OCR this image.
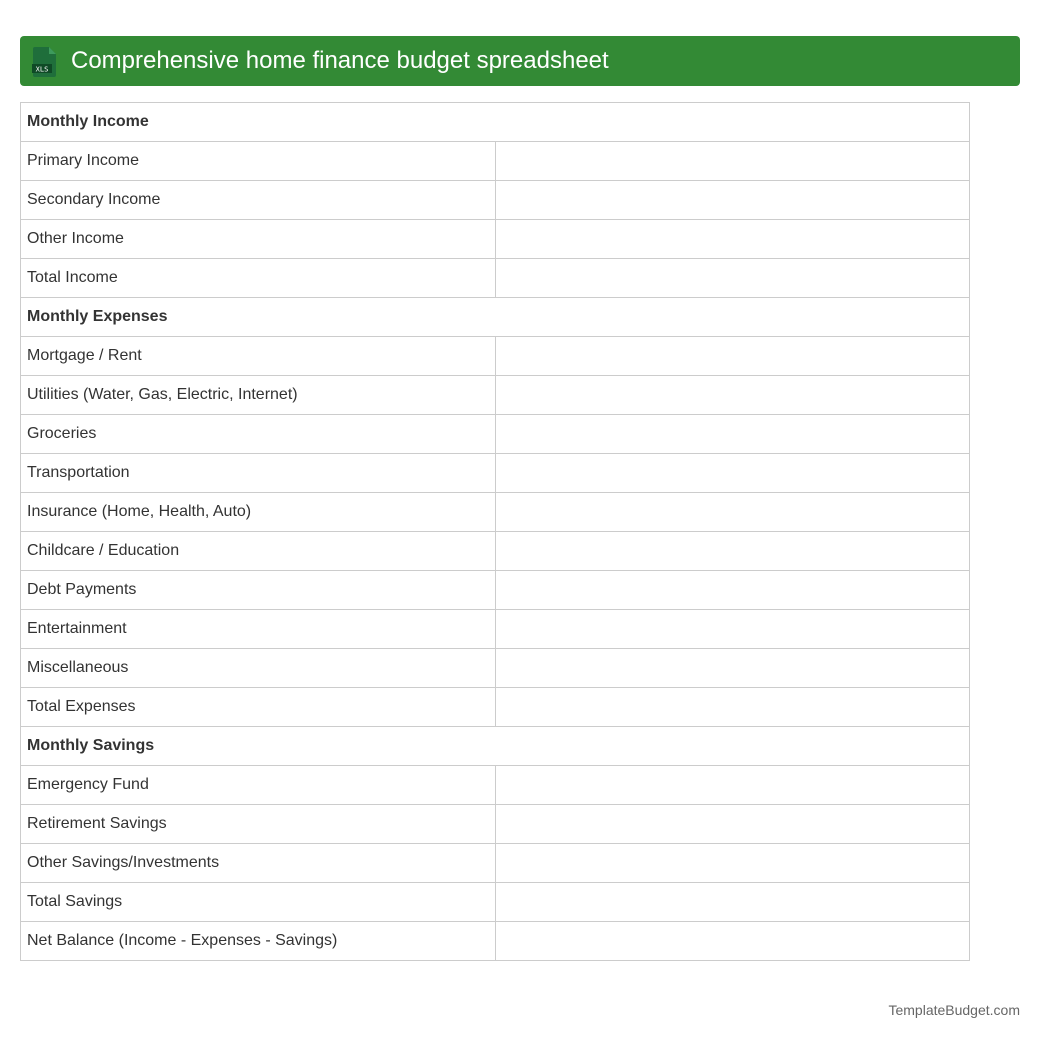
XLS Comprehensive home finance budget spreadsheet
Monthly Income	
Primary Income	
Secondary Income	
Other Income	
Total Income	
Monthly Expenses	
Mortgage / Rent	
Utilities (Water, Gas, Electric, Internet)	
Groceries	
Transportation	
Insurance (Home, Health, Auto)	
Childcare / Education	
Debt Payments	
Entertainment	
Miscellaneous	
Total Expenses	
Monthly Savings	
Emergency Fund	
Retirement Savings	
Other Savings/Investments	
Total Savings	
Net Balance (Income - Expenses - Savings)	
TemplateBudget.com
